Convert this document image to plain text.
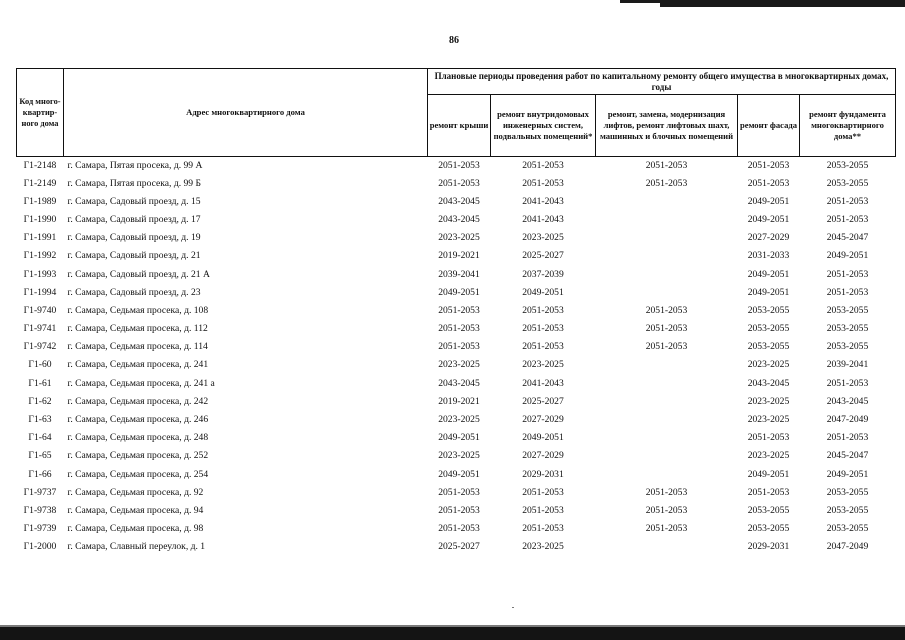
86
Код много-квартир-ного дома	Адрес многоквартирного дома	Плановые периоды проведения работ по капитальному ремонту общего имущества в многоквартирных домах, годы				
		ремонт крыши	ремонт внутридомовых инженерных систем, подвальных помещений*	ремонт, замена, модернизация лифтов, ремонт лифтовых шахт, машинных и блочных помещений	ремонт фасада	ремонт фундамента многоквартирного дома**
Г1-2148	г. Самара, Пятая просека, д. 99 А	2051-2053	2051-2053	2051-2053	2051-2053	2053-2055
Г1-2149	г. Самара, Пятая просека, д. 99 Б	2051-2053	2051-2053	2051-2053	2051-2053	2053-2055
Г1-1989	г. Самара, Садовый проезд, д. 15	2043-2045	2041-2043		2049-2051	2051-2053
Г1-1990	г. Самара, Садовый проезд, д. 17	2043-2045	2041-2043		2049-2051	2051-2053
Г1-1991	г. Самара, Садовый проезд, д. 19	2023-2025	2023-2025		2027-2029	2045-2047
Г1-1992	г. Самара, Садовый проезд, д. 21	2019-2021	2025-2027		2031-2033	2049-2051
Г1-1993	г. Самара, Садовый проезд, д. 21 А	2039-2041	2037-2039		2049-2051	2051-2053
Г1-1994	г. Самара, Садовый проезд, д. 23	2049-2051	2049-2051		2049-2051	2051-2053
Г1-9740	г. Самара, Седьмая просека, д. 108	2051-2053	2051-2053	2051-2053	2053-2055	2053-2055
Г1-9741	г. Самара, Седьмая просека, д. 112	2051-2053	2051-2053	2051-2053	2053-2055	2053-2055
Г1-9742	г. Самара, Седьмая просека, д. 114	2051-2053	2051-2053	2051-2053	2053-2055	2053-2055
Г1-60	г. Самара, Седьмая просека, д. 241	2023-2025	2023-2025		2023-2025	2039-2041
Г1-61	г. Самара, Седьмая просека, д. 241 а	2043-2045	2041-2043		2043-2045	2051-2053
Г1-62	г. Самара, Седьмая просека, д. 242	2019-2021	2025-2027		2023-2025	2043-2045
Г1-63	г. Самара, Седьмая просека, д. 246	2023-2025	2027-2029		2023-2025	2047-2049
Г1-64	г. Самара, Седьмая просека, д. 248	2049-2051	2049-2051		2051-2053	2051-2053
Г1-65	г. Самара, Седьмая просека, д. 252	2023-2025	2027-2029		2023-2025	2045-2047
Г1-66	г. Самара, Седьмая просека, д. 254	2049-2051	2029-2031		2049-2051	2049-2051
Г1-9737	г. Самара, Седьмая просека, д. 92	2051-2053	2051-2053	2051-2053	2051-2053	2053-2055
Г1-9738	г. Самара, Седьмая просека, д. 94	2051-2053	2051-2053	2051-2053	2053-2055	2053-2055
Г1-9739	г. Самара, Седьмая просека, д. 98	2051-2053	2051-2053	2051-2053	2053-2055	2053-2055
Г1-2000	г. Самара, Славный переулок, д. 1	2025-2027	2023-2025		2029-2031	2047-2049
